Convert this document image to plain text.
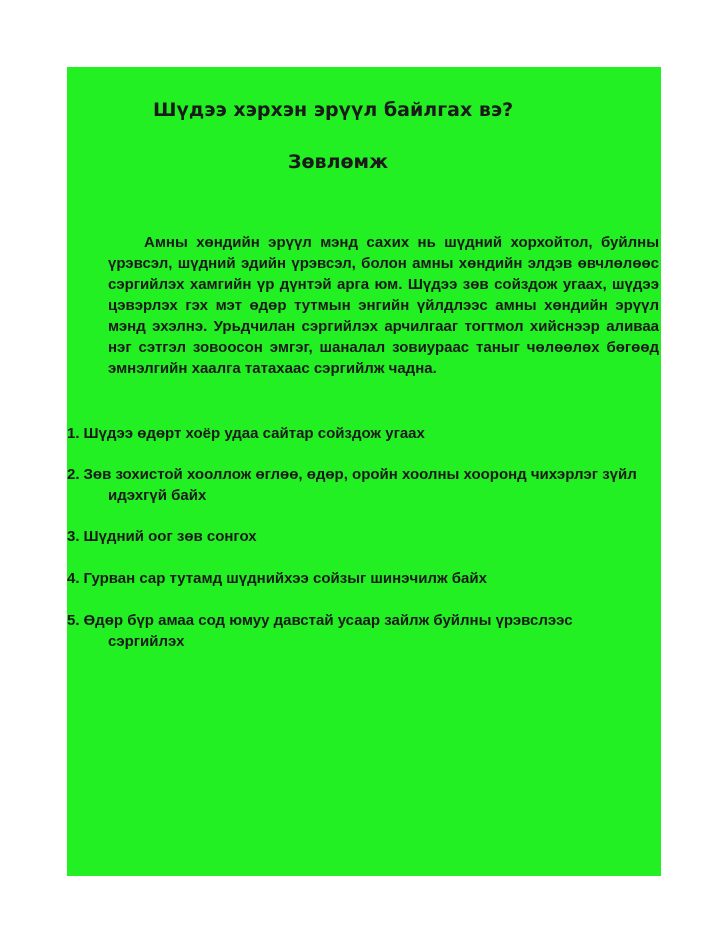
Шүдээ хэрхэн эрүүл байлгах вэ?
Зөвлөмж

Амны хөндийн эрүүл мэнд сахих нь шүдний хорхойтол, буйлны үрэвсэл, шүдний эдийн үрэвсэл, болон амны хөндийн элдэв өвчлөлөөс сэргийлэх хамгийн үр дүнтэй арга юм. Шүдээ зөв сойздож угаах, шүдээ цэвэрлэх гэх мэт өдөр тутмын энгийн үйлдлээс амны хөндийн эрүүл мэнд эхэлнэ. Урьдчилан сэргийлэх арчилгааг тогтмол хийснээр аливаа нэг сэтгэл зовоосон эмгэг, шаналал зовиураас таныг чөлөөлөх бөгөөд эмнэлгийн хаалга татахаас сэргийлж чадна.

1. Шүдээ өдөрт хоёр удаа сайтар сойздож угаах

2. Зөв зохистой хооллож өглөө, өдөр, оройн хоолны хооронд чихэрлэг зүйл идэхгүй байх

3. Шүдний оог зөв сонгох

4. Гурван сар тутамд шүднийхээ сойзыг шинэчилж байх

5. Өдөр бүр амаа сод юмуу давстай усаар зайлж буйлны үрэвслээс сэргийлэх
